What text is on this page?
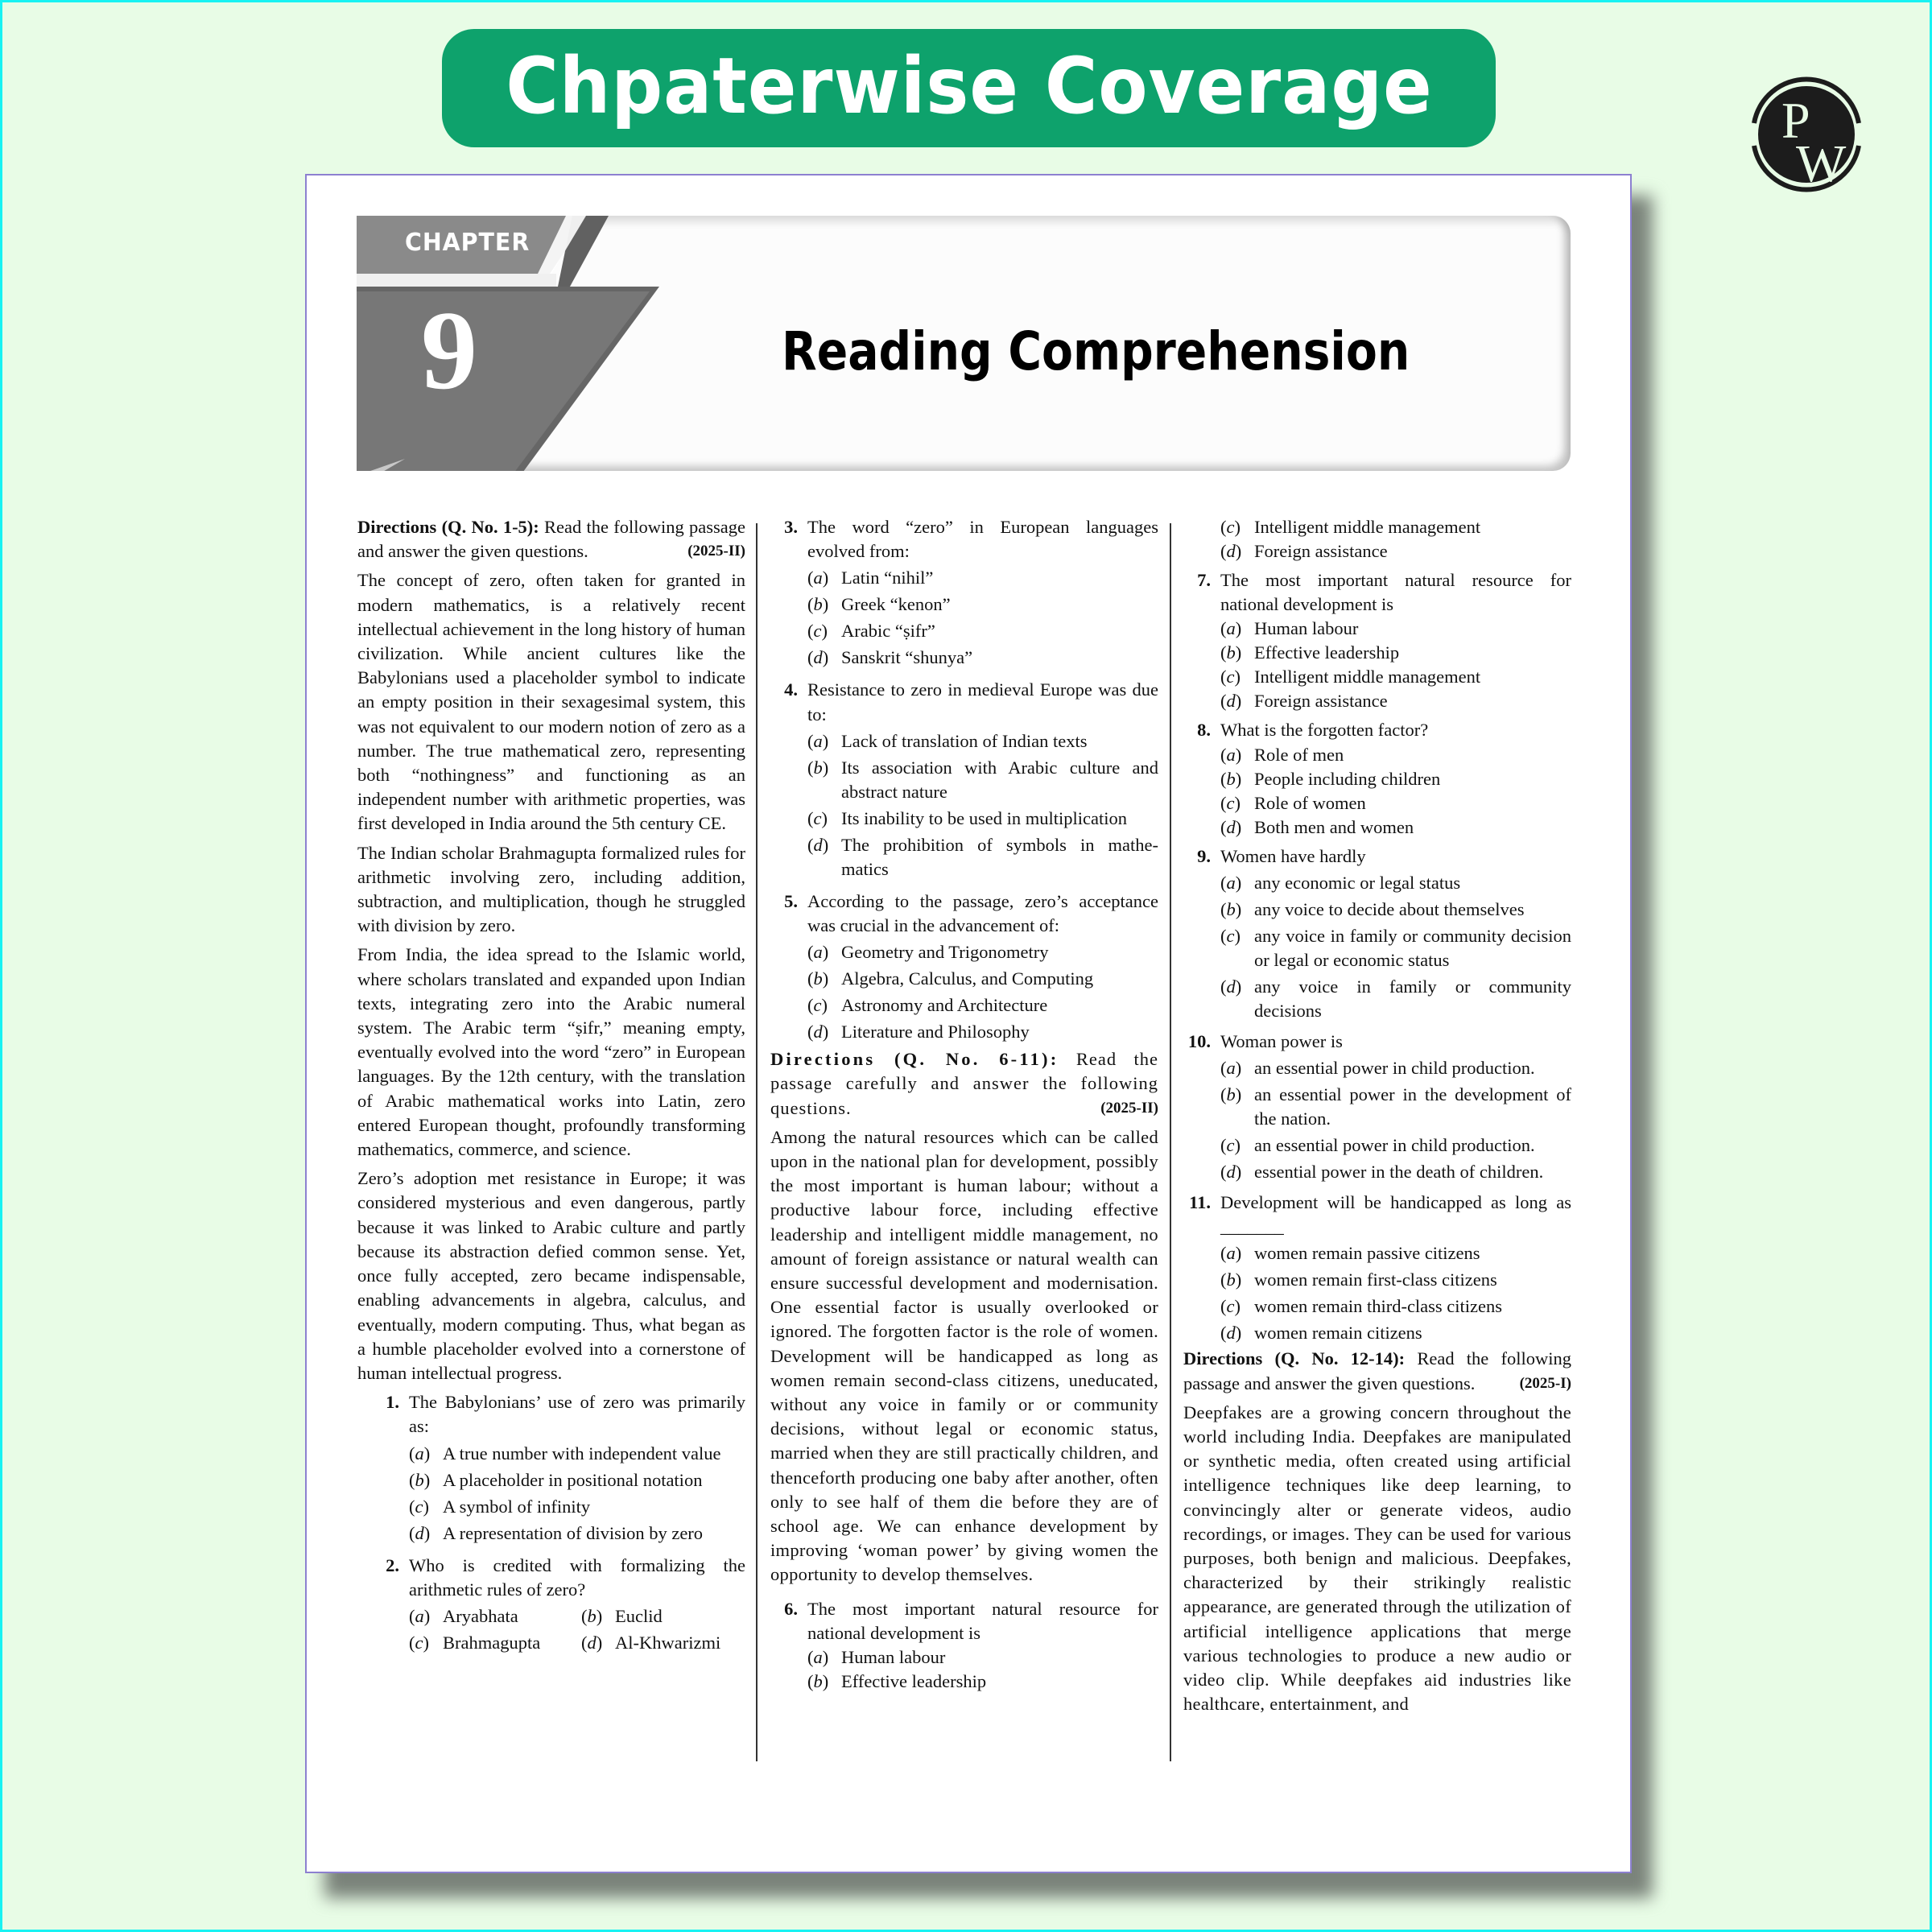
Chpaterwise Coverage	P
W
CHAPTER
9	Reading Comprehension
Directions (Q. No. 1-5): Read the following passage and answer the given questions.	(2025-II)

The concept of zero, often taken for granted in modern mathematics, is a relatively recent intellectual achievement in the long history of human civilization. While ancient cultures like the Babylonians used a placeholder symbol to indicate an empty position in their sexagesimal system, this was not equivalent to our modern notion of zero as a number. The true mathematical zero, representing both “nothingness” and functioning as an independent number with arithmetic properties, was first developed in India around the 5th century CE.

The Indian scholar Brahmagupta formalized rules for arithmetic involving zero, including addition, subtraction, and multiplication, though he struggled with division by zero.

From India, the idea spread to the Islamic world, where scholars translated and expanded upon Indian texts, integrating zero into the Arabic numeral system. The Arabic term “ṣifr,” meaning empty, eventually evolved into the word “zero” in European languages. By the 12th century, with the translation of Arabic mathematical works into Latin, zero entered European thought, profoundly transforming mathematics, commerce, and science.

Zero’s adoption met resistance in Europe; it was considered mysterious and even dangerous, partly because it was linked to Arabic culture and partly because its abstraction defied common sense. Yet, once fully accepted, zero became indispensable, enabling advancements in algebra, calculus, and eventually, modern computing. Thus, what began as a humble placeholder evolved into a cornerstone of human intellectual progress.

1. The Babylonians’ use of zero was primarily as:
(a) A true number with independent value
(b) A placeholder in positional notation
(c) A symbol of infinity
(d) A representation of division by zero
2. Who is credited with formalizing the arithmetic rules of zero?
(a) Aryabhata	(b) Euclid
(c) Brahmagupta	(d) Al-Khwarizmi
3. The word “zero” in European languages evolved from:
(a) Latin “nihil”
(b) Greek “kenon”
(c) Arabic “ṣifr”
(d) Sanskrit “shunya”
4. Resistance to zero in medieval Europe was due to:
(a) Lack of translation of Indian texts
(b) Its association with Arabic culture and abstract nature
(c) Its inability to be used in multiplication
(d) The prohibition of symbols in mathe-matics
5. According to the passage, zero’s acceptance was crucial in the advancement of:
(a) Geometry and Trigonometry
(b) Algebra, Calculus, and Computing
(c) Astronomy and Architecture
(d) Literature and Philosophy
Directions (Q. No. 6-11): Read the passage carefully and answer the following questions.	(2025-II)

Among the natural resources which can be called upon in the national plan for development, possibly the most important is human labour; without a productive labour force, including effective leadership and intelligent middle management, no amount of foreign assistance or natural wealth can ensure successful development and modernisation. One essential factor is usually overlooked or ignored. The forgotten factor is the role of women. Development will be handicapped as long as women remain second-class citizens, uneducated, without any voice in family or or community decisions, without legal or economic status, married when they are still practically children, and thenceforth producing one baby after another, often only to see half of them die before they are of school age. We can enhance development by improving ‘woman power’ by giving women the opportunity to develop themselves.

6. The most important natural resource for national development is
(a) Human labour
(b) Effective leadership
(c) Intelligent middle management
(d) Foreign assistance
7. The most important natural resource for national development is
(a) Human labour
(b) Effective leadership
(c) Intelligent middle management
(d) Foreign assistance
8. What is the forgotten factor?
(a) Role of men
(b) People including children
(c) Role of women
(d) Both men and women
9. Women have hardly
(a) any economic or legal status
(b) any voice to decide about themselves
(c) any voice in family or community decision or legal or economic status
(d) any voice in family or community decisions
10. Woman power is
(a) an essential power in child production.
(b) an essential power in the development of the nation.
(c) an essential power in child production.
(d) essential power in the death of children.
11. Development will be handicapped as long as _______
(a) women remain passive citizens
(b) women remain first-class citizens
(c) women remain third-class citizens
(d) women remain citizens
Directions (Q. No. 12-14): Read the following passage and answer the given questions.	(2025-I)

Deepfakes are a growing concern throughout the world including India. Deepfakes are manipulated or synthetic media, often created using artificial intelligence techniques like deep learning, to convincingly alter or generate videos, audio recordings, or images. They can be used for various purposes, both benign and malicious. Deepfakes, characterized by their strikingly realistic appearance, are generated through the utilization of artificial intelligence applications that merge various technologies to produce a new audio or video clip. While deepfakes aid industries like healthcare, entertainment, and
